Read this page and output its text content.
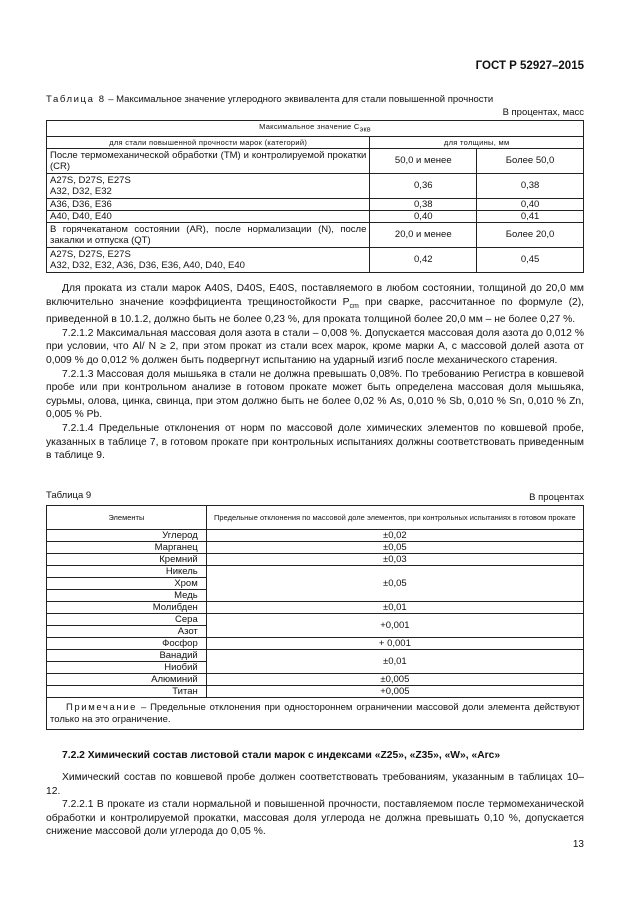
ГОСТ Р 52927–2015
Таблица 8 – Максимальное значение углеродного эквивалента для стали повышенной прочности
В процентах, масс
Максимальное значение $C_{экв}$
для стали повышенной прочности марок (категорий)	для толщины, мм	
После термомеханической обработки (ТМ) и контролируемой прокатки (CR)	50,0 и менее	Более 50,0
A27S, D27S, E27S
A32, D32, E32	0,36	0,38
A36, D36, E36	0,38	0,40
A40, D40, E40	0,40	0,41
В горячекатаном состоянии (AR), после нормализации (N), после закалки и отпуска (QT)	20,0 и менее	Более 20,0
A27S, D27S, E27S
A32, D32, E32, A36, D36, E36, A40, D40, E40	0,42	0,45

Для проката из стали марок A40S, D40S, E40S, поставляемого в любом состоянии, толщиной до 20,0 мм включительно значение коэффициента трещиностойкости $P_{cm}$ при сварке, рассчитанное по формуле (2), приведенной в 10.1.2, должно быть не более 0,23 %, для проката толщиной более 20,0 мм – не более 0,27 %.

7.2.1.2 Максимальная массовая доля азота в стали – 0,008 %. Допускается массовая доля азота до 0,012 % при условии, что Al/ N ≥ 2, при этом прокат из стали всех марок, кроме марки A, с массовой долей азота от 0,009 % до 0,012 % должен быть подвергнут испытанию на ударный изгиб после механического старения.

7.2.1.3 Массовая доля мышьяка в стали не должна превышать 0,08%. По требованию Регистра в ковшевой пробе или при контрольном анализе в готовом прокате может быть определена массовая доля мышьяка, сурьмы, олова, цинка, свинца, при этом должно быть не более 0,02 % As, 0,010 % Sb, 0,010 % Sn, 0,010 % Zn, 0,005 % Pb.

7.2.1.4 Предельные отклонения от норм по массовой доле химических элементов по ковшевой пробе, указанных в таблице 7, в готовом прокате при контрольных испытаниях должны соответствовать приведенным в таблице 9.

Таблица 9	В процентах
Элементы	Предельные отклонения по массовой доле элементов, при контрольных испытаниях в готовом прокате
Углерод	±0,02
Марганец	±0,05
Кремний	±0,03
Никель	±0,05
Хром	
Медь	
Молибден	±0,01
Сера	+0,001
Азот	
Фосфор	+ 0,001
Ванадий	±0,01
Ниобий	
Алюминий	±0,005
Титан	+0,005

Примечание – Предельные отклонения при одностороннем ограничении массовой доли элемента действуют только на это ограничение.	
7.2.2 Химический состав листовой стали марок с индексами «Z25», «Z35», «W», «Arc»

Химический состав по ковшевой пробе должен соответствовать требованиям, указанным в таблицах 10– 12.

7.2.2.1 В прокате из стали нормальной и повышенной прочности, поставляемом после термомеханической обработки и контролируемой прокатки, массовая доля углерода не должна превышать 0,10 %, допускается снижение массовой доли углерода до 0,05 %.

13
